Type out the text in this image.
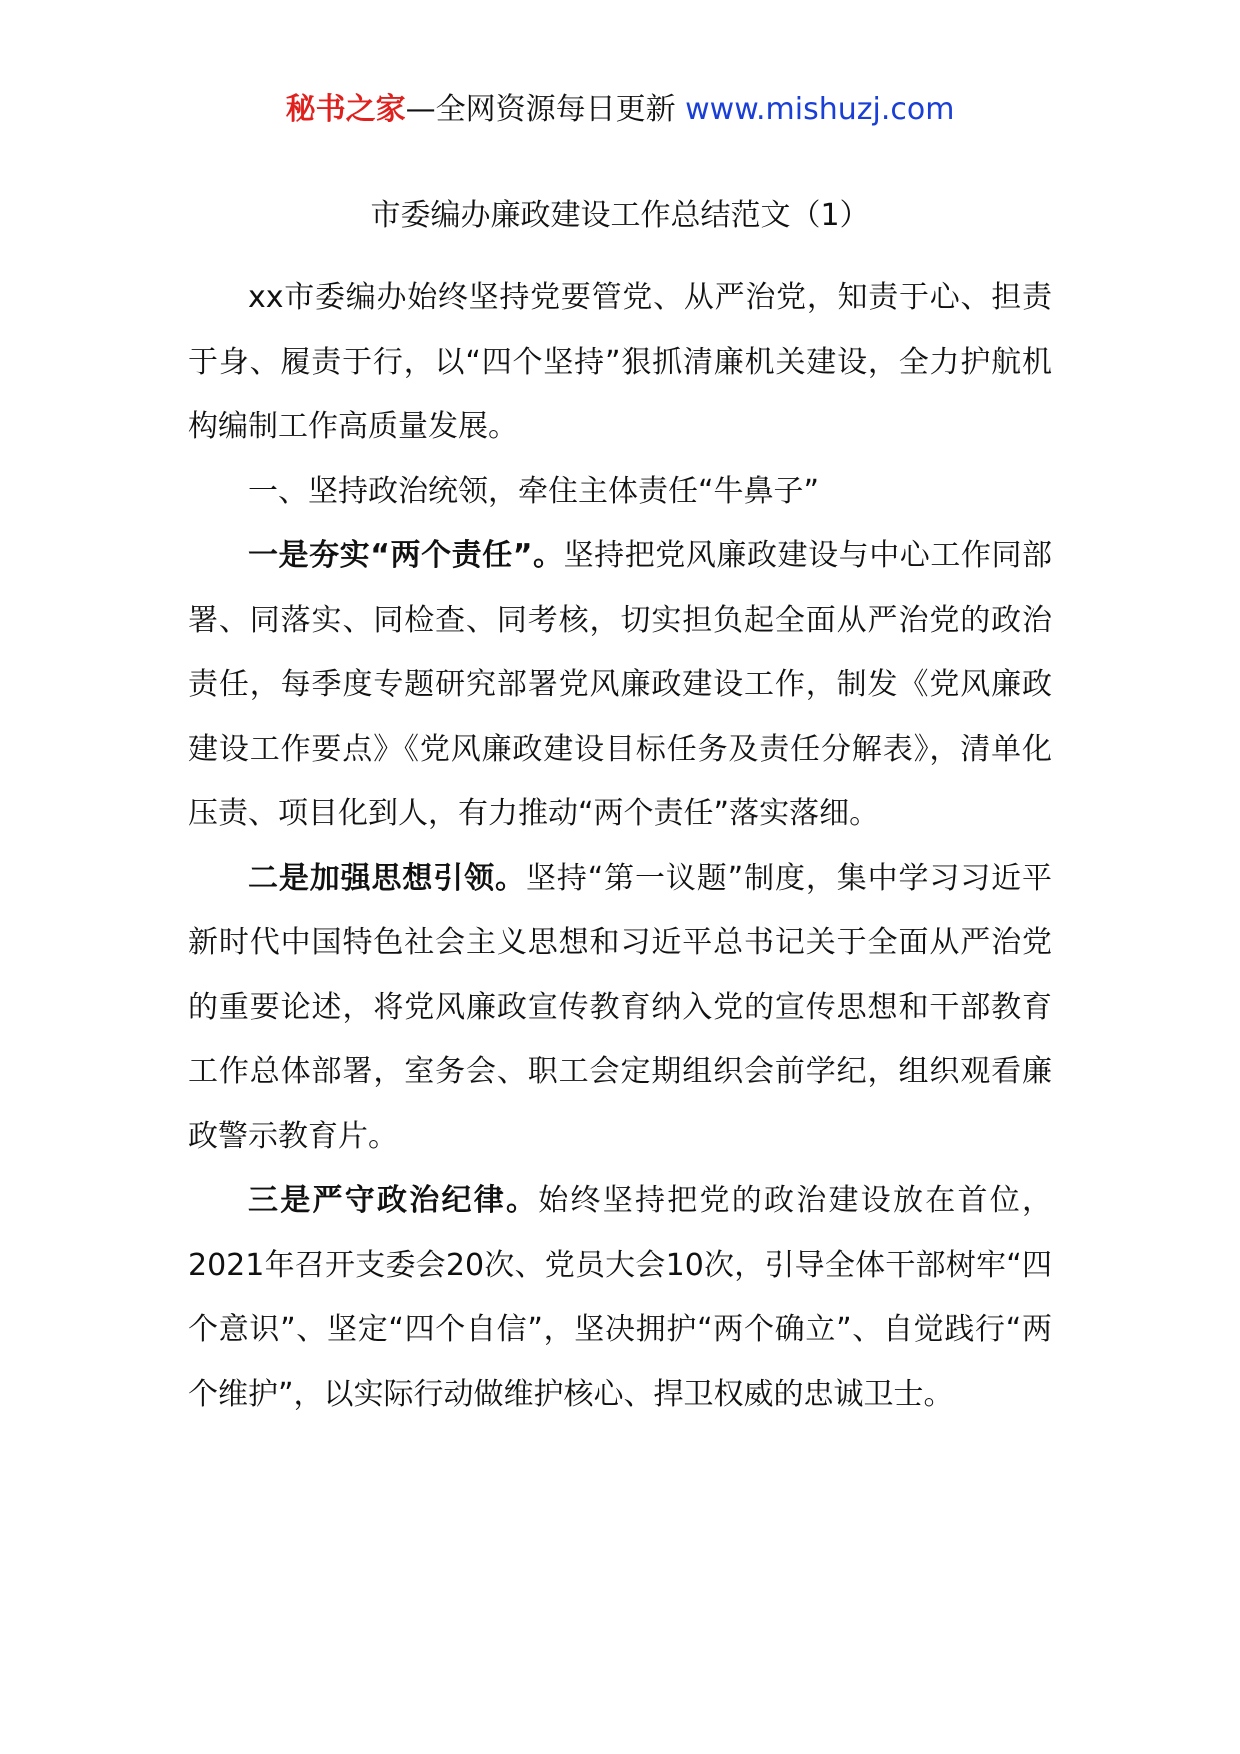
秘书之家—全网资源每日更新 www.mishuzj.com
市委编办廉政建设工作总结范文（1）

xx市委编办始终坚持党要管党、从严治党，知责于心、担责于身、履责于行，以“四个坚持”狠抓清廉机关建设，全力护航机构编制工作高质量发展。

一、坚持政治统领，牵住主体责任“牛鼻子”

一是夯实“两个责任”。坚持把党风廉政建设与中心工作同部署、同落实、同检查、同考核，切实担负起全面从严治党的政治责任，每季度专题研究部署党风廉政建设工作，制发《党风廉政建设工作要点》《党风廉政建设目标任务及责任分解表》，清单化压责、项目化到人，有力推动“两个责任”落实落细。

二是加强思想引领。坚持“第一议题”制度，集中学习习近平新时代中国特色社会主义思想和习近平总书记关于全面从严治党的重要论述，将党风廉政宣传教育纳入党的宣传思想和干部教育工作总体部署，室务会、职工会定期组织会前学纪，组织观看廉政警示教育片。

三是严守政治纪律。始终坚持把党的政治建设放在首位，2021年召开支委会20次、党员大会10次，引导全体干部树牢“四个意识”、坚定“四个自信”，坚决拥护“两个确立”、自觉践行“两个维护”，以实际行动做维护核心、捍卫权威的忠诚卫士。
